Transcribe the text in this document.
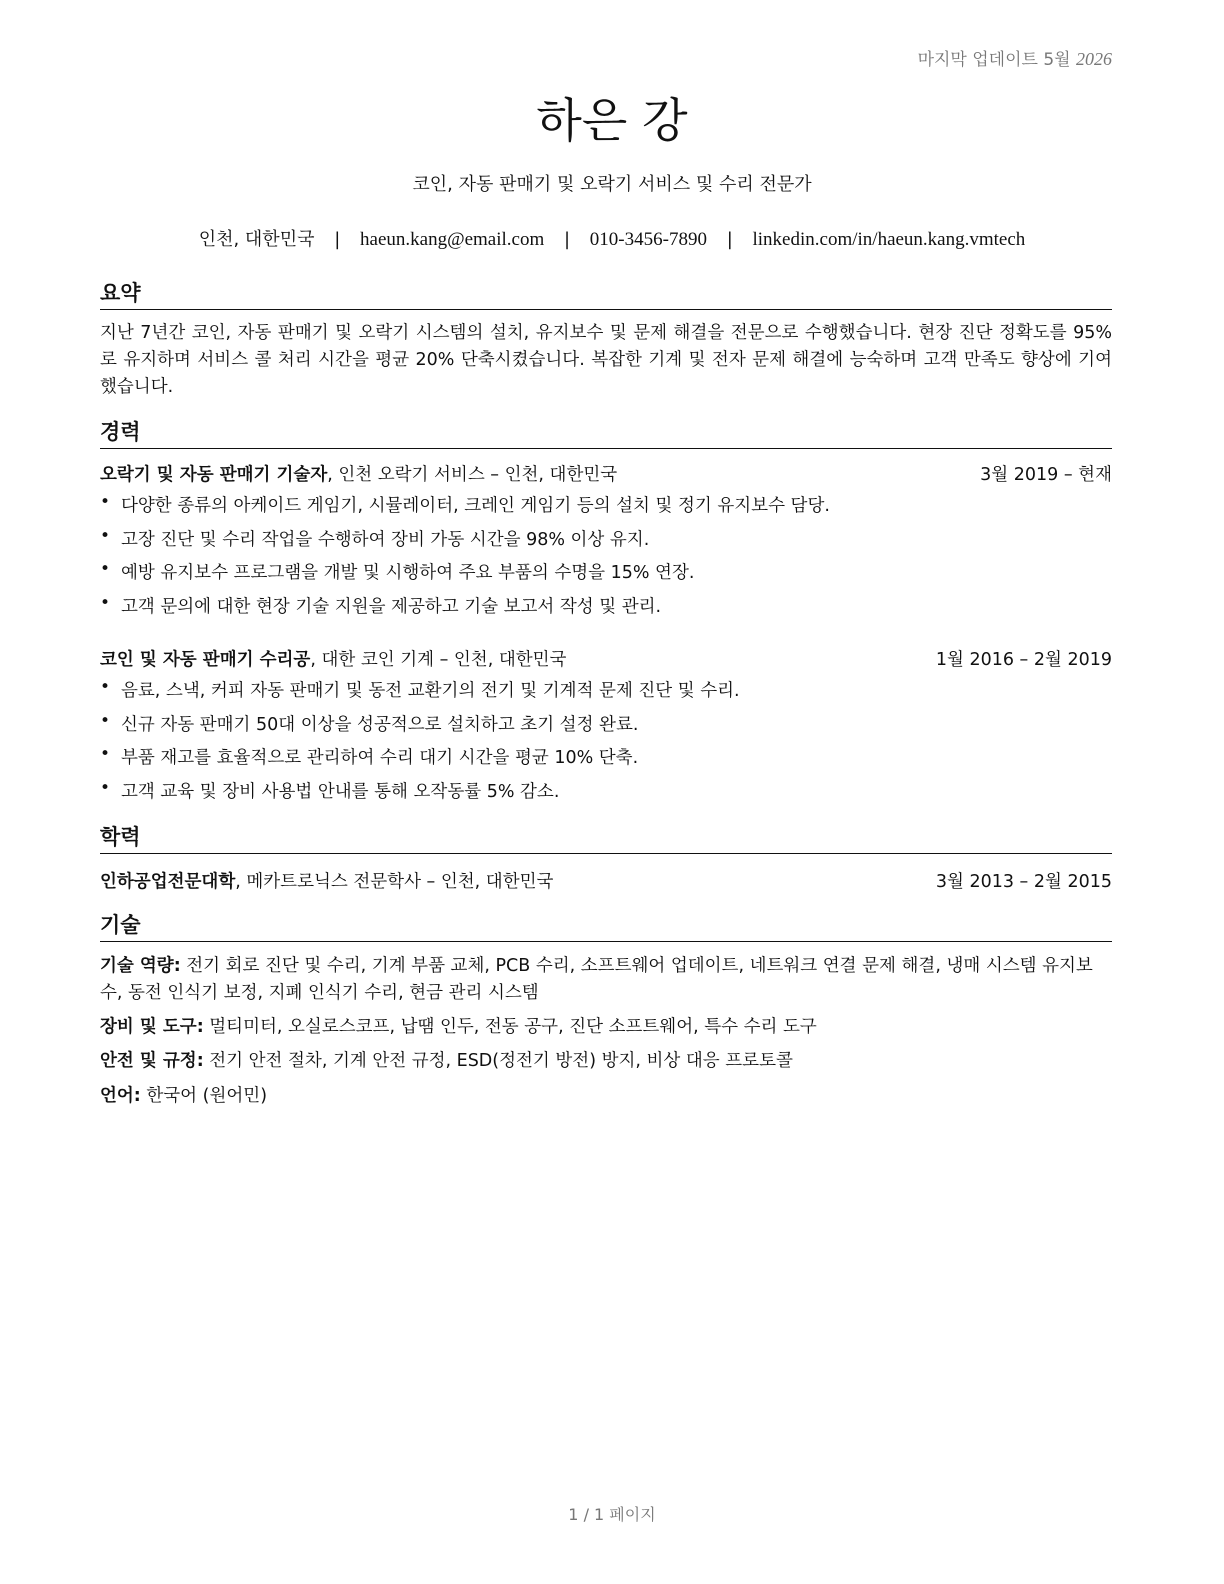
마지막 업데이트 5월 2026
하은 강
코인, 자동 판매기 및 오락기 서비스 및 수리 전문가
인천, 대한민국 | haeun.kang@email.com | 010-3456-7890 | linkedin.com/in/haeun.kang.vmtech
요약
지난 7년간 코인, 자동 판매기 및 오락기 시스템의 설치, 유지보수 및 문제 해결을 전문으로 수행했습니다. 현장 진단 정확도를 95%로 유지하며 서비스 콜 처리 시간을 평균 20% 단축시켰습니다. 복잡한 기계 및 전자 문제 해결에 능숙하며 고객 만족도 향상에 기여했습니다.
경력
오락기 및 자동 판매기 기술자, 인천 오락기 서비스 – 인천, 대한민국	3월 2019 – 현재
• 다양한 종류의 아케이드 게임기, 시뮬레이터, 크레인 게임기 등의 설치 및 정기 유지보수 담당.
• 고장 진단 및 수리 작업을 수행하여 장비 가동 시간을 98% 이상 유지.
• 예방 유지보수 프로그램을 개발 및 시행하여 주요 부품의 수명을 15% 연장.
• 고객 문의에 대한 현장 기술 지원을 제공하고 기술 보고서 작성 및 관리.
코인 및 자동 판매기 수리공, 대한 코인 기계 – 인천, 대한민국	1월 2016 – 2월 2019
• 음료, 스낵, 커피 자동 판매기 및 동전 교환기의 전기 및 기계적 문제 진단 및 수리.
• 신규 자동 판매기 50대 이상을 성공적으로 설치하고 초기 설정 완료.
• 부품 재고를 효율적으로 관리하여 수리 대기 시간을 평균 10% 단축.
• 고객 교육 및 장비 사용법 안내를 통해 오작동률 5% 감소.
학력
인하공업전문대학, 메카트로닉스 전문학사 – 인천, 대한민국	3월 2013 – 2월 2015
기술
기술 역량: 전기 회로 진단 및 수리, 기계 부품 교체, PCB 수리, 소프트웨어 업데이트, 네트워크 연결 문제 해결, 냉매 시스템 유지보수, 동전 인식기 보정, 지폐 인식기 수리, 현금 관리 시스템
장비 및 도구: 멀티미터, 오실로스코프, 납땜 인두, 전동 공구, 진단 소프트웨어, 특수 수리 도구
안전 및 규정: 전기 안전 절차, 기계 안전 규정, ESD(정전기 방전) 방지, 비상 대응 프로토콜
언어: 한국어 (원어민)
1 / 1 페이지
